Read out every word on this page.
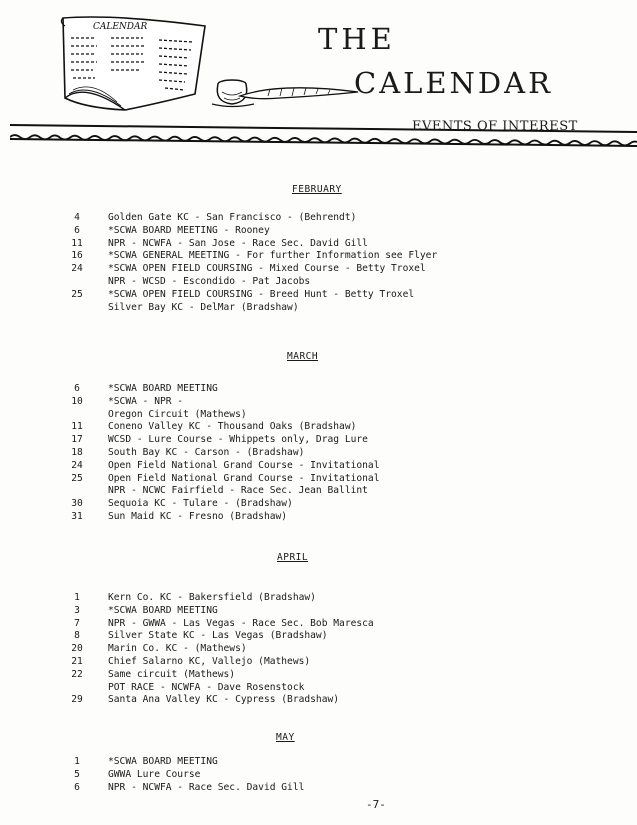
CALENDAR	THE
CALENDAR
EVENTS OF INTEREST
FEBRUARY
4	Golden Gate KC - San Francisco - (Behrendt)
6	*SCWA BOARD MEETING - Rooney
11	NPR - NCWFA - San Jose - Race Sec. David Gill
16	*SCWA GENERAL MEETING - For further Information see Flyer
24	*SCWA OPEN FIELD COURSING - Mixed Course - Betty Troxel
NPR - WCSD - Escondido - Pat Jacobs
25	*SCWA OPEN FIELD COURSING - Breed Hunt - Betty Troxel
Silver Bay KC - DelMar (Bradshaw)
MARCH
6	*SCWA BOARD MEETING
10	*SCWA - NPR -
Oregon Circuit (Mathews)
11	Coneno Valley KC - Thousand Oaks (Bradshaw)
17	WCSD - Lure Course - Whippets only, Drag Lure
18	South Bay KC - Carson - (Bradshaw)
24	Open Field National Grand Course - Invitational
25	Open Field National Grand Course - Invitational
NPR - NCWC Fairfield - Race Sec. Jean Ballint
30	Sequoia KC - Tulare - (Bradshaw)
31	Sun Maid KC - Fresno (Bradshaw)
APRIL
1	Kern Co. KC - Bakersfield (Bradshaw)
3	*SCWA BOARD MEETING
7	NPR - GWWA - Las Vegas - Race Sec. Bob Maresca
8	Silver State KC - Las Vegas (Bradshaw)
20	Marin Co. KC - (Mathews)
21	Chief Salarno KC, Vallejo (Mathews)
22	Same circuit (Mathews)
POT RACE - NCWFA - Dave Rosenstock
29	Santa Ana Valley KC - Cypress (Bradshaw)
MAY
1	*SCWA BOARD MEETING
5	GWWA Lure Course
6	NPR - NCWFA - Race Sec. David Gill
-7-
